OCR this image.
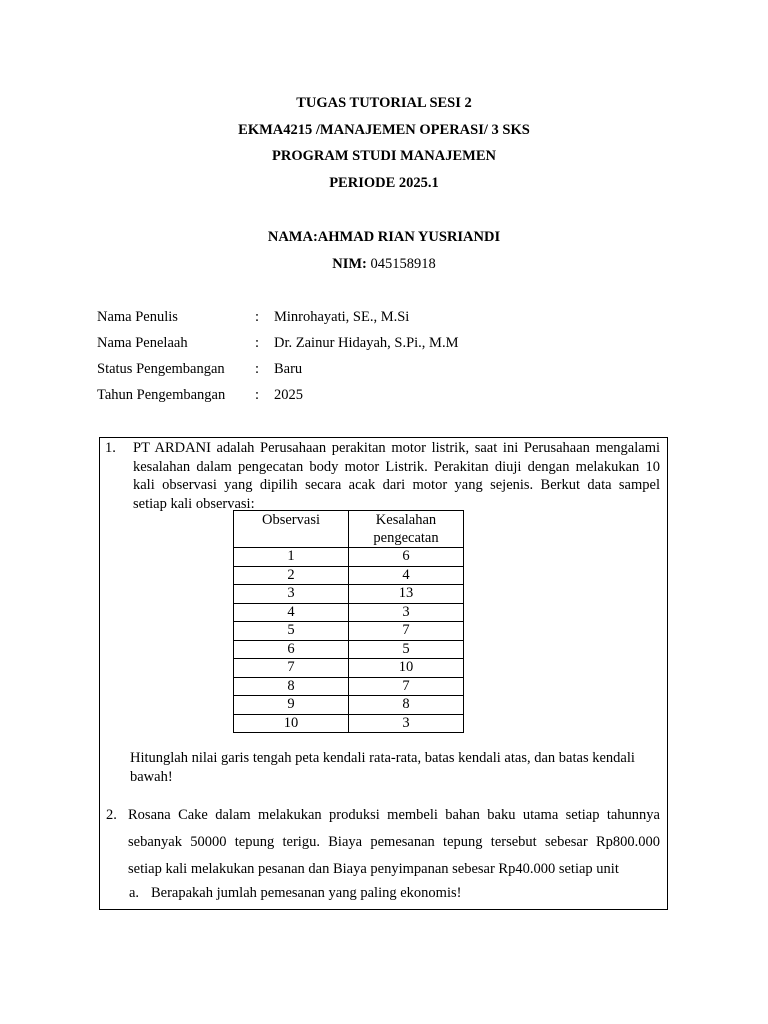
TUGAS TUTORIAL SESI 2
EKMA4215 /MANAJEMEN OPERASI/ 3 SKS
PROGRAM STUDI MANAJEMEN
PERIODE 2025.1
NAMA:AHMAD RIAN YUSRIANDI
NIM: 045158918
Nama Penulis	: Minrohayati, SE., M.Si
Nama Penelaah	: Dr. Zainur Hidayah, S.Pi., M.M
Status Pengembangan : Baru
Tahun Pengembangan : 2025
1. PT ARDANI adalah Perusahaan perakitan motor listrik, saat ini Perusahaan mengalami
kesalahan dalam pengecatan body motor Listrik. Perakitan diuji dengan melakukan 10
kali observasi yang dipilih secara acak dari motor yang sejenis. Berkut data sampel
setiap kali observasi:
Observasi	Kesalahan pengecatan
1	6
2	4
3	13
4	3
5	7
6	5
7	10
8	7
9	8
10	3
Hitunglah nilai garis tengah peta kendali rata-rata, batas kendali atas, dan batas kendali bawah!
2. Rosana Cake dalam melakukan produksi membeli bahan baku utama setiap tahunnya
sebanyak 50000 tepung terigu. Biaya pemesanan tepung tersebut sebesar Rp800.000
setiap kali melakukan pesanan dan Biaya penyimpanan sebesar Rp40.000 setiap unit
a. Berapakah jumlah pemesanan yang paling ekonomis!
